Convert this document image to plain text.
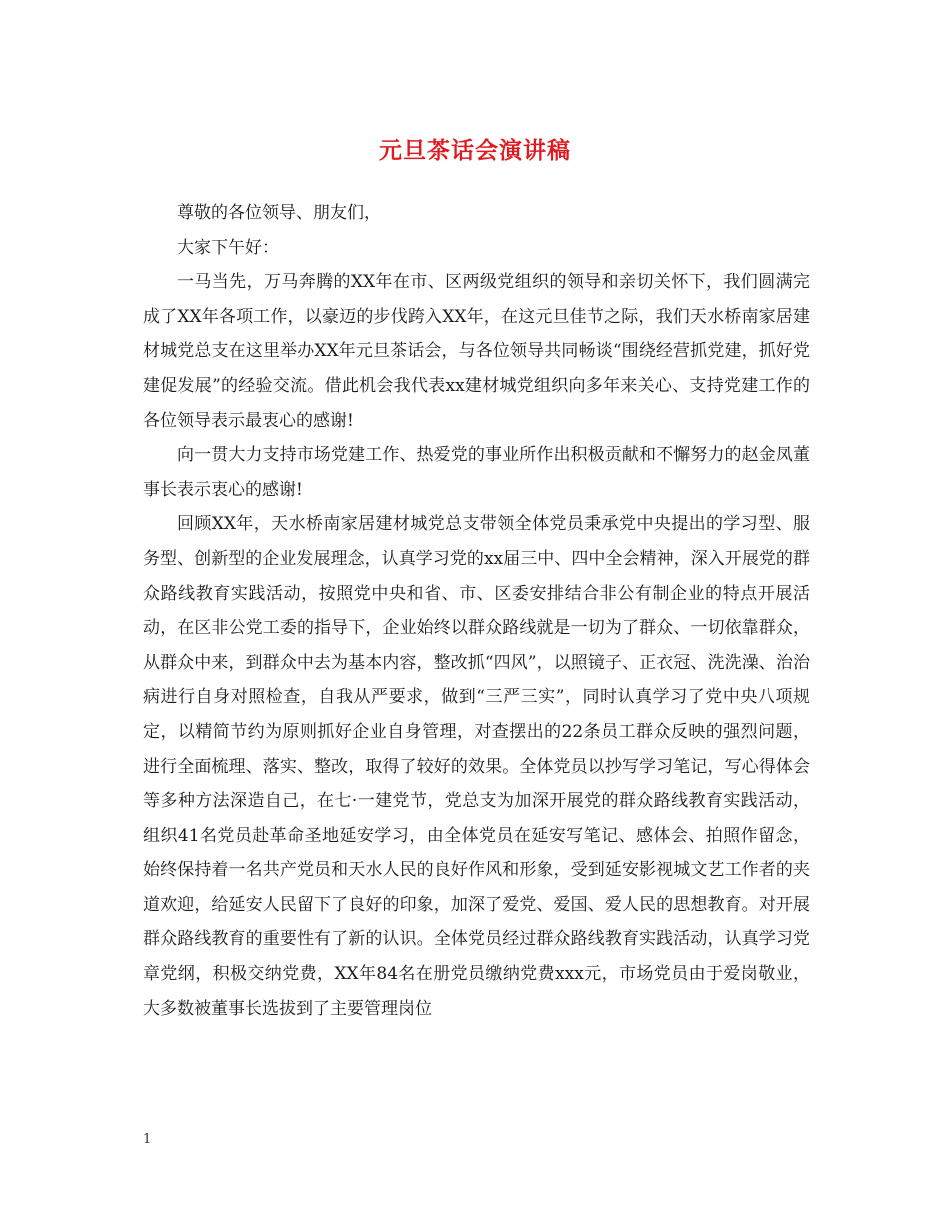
元旦茶话会演讲稿

尊敬的各位领导、朋友们，

大家下午好：

一马当先，万马奔腾的XX年在市、区两级党组织的领导和亲切关怀下，我们圆满完成了XX年各项工作，以豪迈的步伐跨入XX年，在这元旦佳节之际，我们天水桥南家居建材城党总支在这里举办XX年元旦茶话会，与各位领导共同畅谈“围绕经营抓党建，抓好党建促发展”的经验交流。借此机会我代表xx建材城党组织向多年来关心、支持党建工作的各位领导表示最衷心的感谢!

向一贯大力支持市场党建工作、热爱党的事业所作出积极贡献和不懈努力的赵金凤董事长表示衷心的感谢!

回顾XX年，天水桥南家居建材城党总支带领全体党员秉承党中央提出的学习型、服务型、创新型的企业发展理念，认真学习党的xx届三中、四中全会精神，深入开展党的群众路线教育实践活动，按照党中央和省、市、区委安排结合非公有制企业的特点开展活动，在区非公党工委的指导下，企业始终以群众路线就是一切为了群众、一切依靠群众，从群众中来，到群众中去为基本内容，整改抓“四风”，以照镜子、正衣冠、洗洗澡、治治病进行自身对照检查，自我从严要求，做到“三严三实”，同时认真学习了党中央八项规定，以精简节约为原则抓好企业自身管理，对查摆出的22条员工群众反映的强烈问题，进行全面梳理、落实、整改，取得了较好的效果。全体党员以抄写学习笔记，写心得体会等多种方法深造自己，在七·一建党节，党总支为加深开展党的群众路线教育实践活动，组织41名党员赴革命圣地延安学习，由全体党员在延安写笔记、感体会、拍照作留念，始终保持着一名共产党员和天水人民的良好作风和形象，受到延安影视城文艺工作者的夹道欢迎，给延安人民留下了良好的印象，加深了爱党、爱国、爱人民的思想教育。对开展群众路线教育的重要性有了新的认识。全体党员经过群众路线教育实践活动，认真学习党章党纲，积极交纳党费，XX年84名在册党员缴纳党费xxx元，市场党员由于爱岗敬业，大多数被董事长选拔到了主要管理岗位

1
